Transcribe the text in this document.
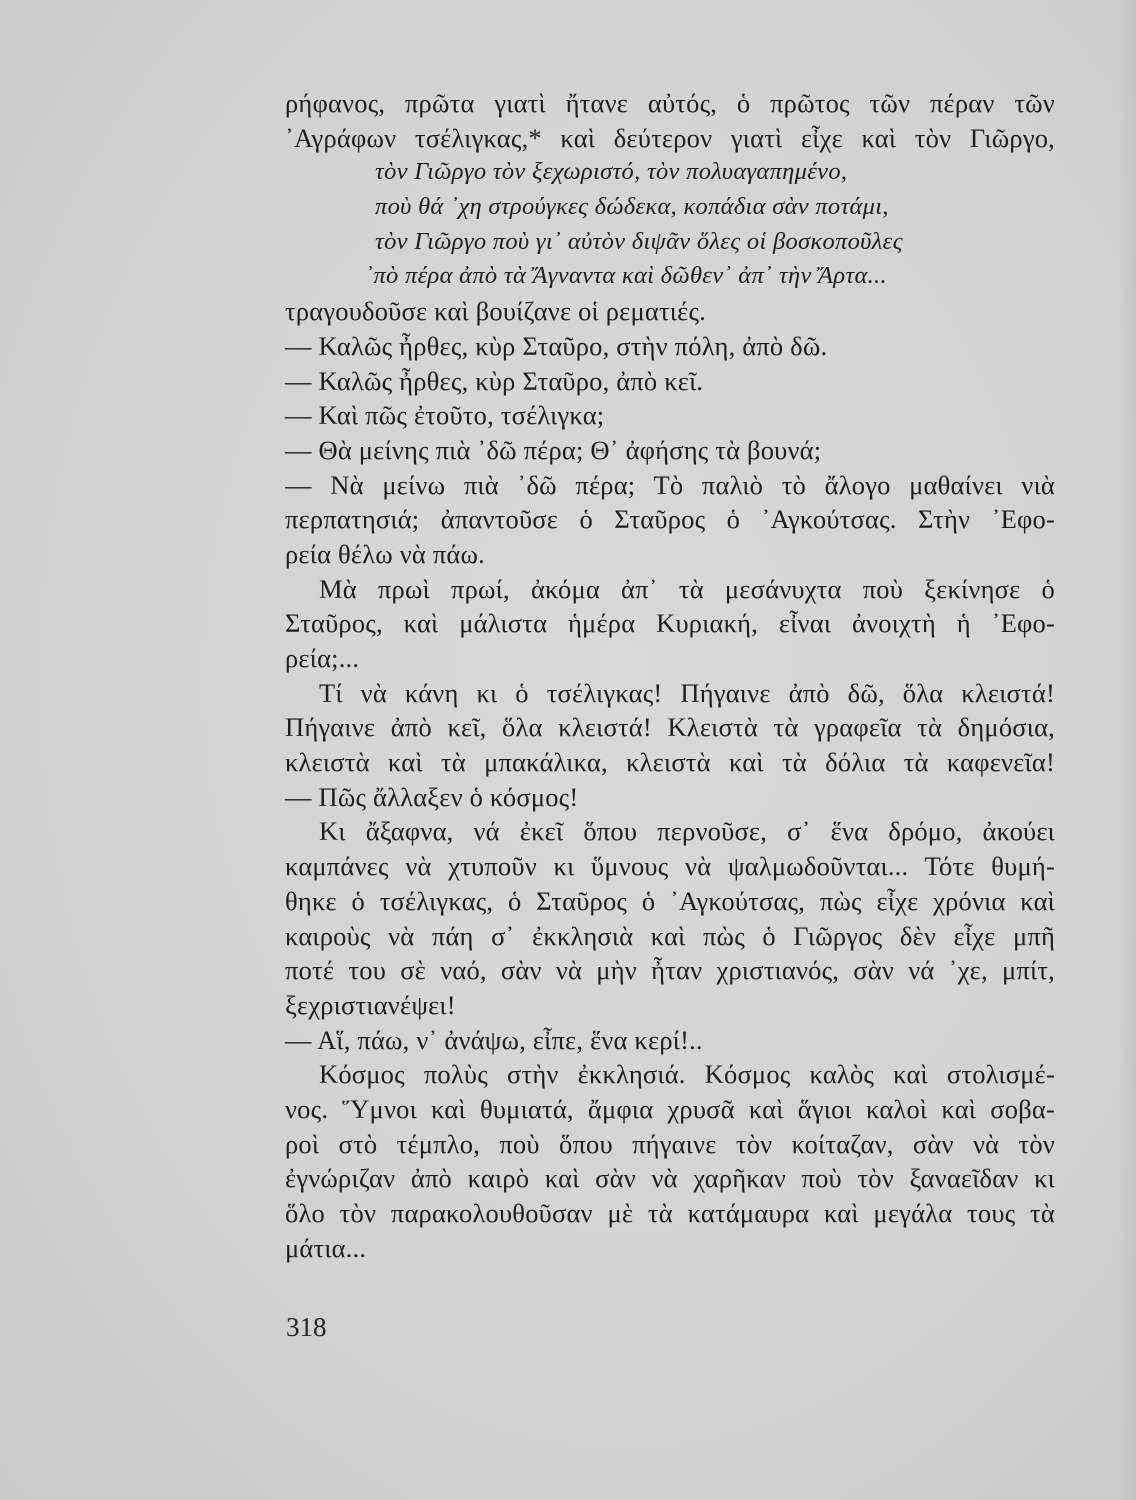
ρήφανος, πρῶτα γιατὶ ἤτανε αὐτός, ὁ πρῶτος τῶν πέραν τῶν
᾿Αγράφων τσέλιγκας,* καὶ δεύτερον γιατὶ εἶχε καὶ τὸν Γιῶργο,
τὸν Γιῶργο τὸν ξεχωριστό, τὸν πολυαγαπημένο,
ποὺ θά ᾿χη στρούγκες δώδεκα, κοπάδια σὰν ποτάμι,
τὸν Γιῶργο ποὺ γι᾿ αὐτὸν διψᾶν ὅλες οἱ βοσκοποῦλες
᾿πὸ πέρα ἀπὸ τὰ Ἄγναντα καὶ δῶθεν᾿ ἀπ᾿ τὴν Ἄρτα...
τραγουδοῦσε καὶ βουίζανε οἱ ρεματιές.
— Καλῶς ἦρθες, κὺρ Σταῦρο, στὴν πόλη, ἀπὸ δῶ.
— Καλῶς ἦρθες, κὺρ Σταῦρο, ἀπὸ κεῖ.
— Καὶ πῶς ἐτοῦτο, τσέλιγκα;
— Θὰ μείνης πιὰ ᾿δῶ πέρα; Θ᾿ ἀφήσης τὰ βουνά;
— Νὰ μείνω πιὰ ᾿δῶ πέρα; Τὸ παλιὸ τὸ ἄλογο μαθαίνει νιὰ
περπατησιά; ἀπαντοῦσε ὁ Σταῦρος ὁ ᾿Αγκούτσας. Στὴν ᾿Εφο-
ρεία θέλω νὰ πάω.
Μὰ πρωὶ πρωί, ἀκόμα ἀπ᾿ τὰ μεσάνυχτα ποὺ ξεκίνησε ὁ
Σταῦρος, καὶ μάλιστα ἡμέρα Κυριακή, εἶναι ἀνοιχτὴ ἡ ᾿Εφο-
ρεία;...
Τί νὰ κάνη κι ὁ τσέλιγκας! Πήγαινε ἀπὸ δῶ, ὅλα κλειστά!
Πήγαινε ἀπὸ κεῖ, ὅλα κλειστά! Κλειστὰ τὰ γραφεῖα τὰ δημόσια,
κλειστὰ καὶ τὰ μπακάλικα, κλειστὰ καὶ τὰ δόλια τὰ καφενεῖα!
— Πῶς ἄλλαξεν ὁ κόσμος!
Κι ἄξαφνα, νά ἐκεῖ ὅπου περνοῦσε, σ᾿ ἕνα δρόμο, ἀκούει
καμπάνες νὰ χτυποῦν κι ὕμνους νὰ ψαλμωδοῦνται... Τότε θυμή-
θηκε ὁ τσέλιγκας, ὁ Σταῦρος ὁ ᾿Αγκούτσας, πὼς εἶχε χρόνια καὶ
καιροὺς νὰ πάη σ᾿ ἐκκλησιὰ καὶ πὼς ὁ Γιῶργος δὲν εἶχε μπῆ
ποτέ του σὲ ναό, σὰν νὰ μὴν ἦταν χριστιανός, σὰν νά ᾿χε, μπίτ,
ξεχριστιανέψει!
— Αἵ, πάω, ν᾿ ἀνάψω, εἶπε, ἕνα κερί!..
Κόσμος πολὺς στὴν ἐκκλησιά. Κόσμος καλὸς καὶ στολισμέ-
νος. Ὕμνοι καὶ θυμιατά, ἄμφια χρυσᾶ καὶ ἅγιοι καλοὶ καὶ σοβα-
ροὶ στὸ τέμπλο, ποὺ ὅπου πήγαινε τὸν κοίταζαν, σὰν νὰ τὸν
ἐγνώριζαν ἀπὸ καιρὸ καὶ σὰν νὰ χαρῆκαν ποὺ τὸν ξαναεῖδαν κι
ὅλο τὸν παρακολουθοῦσαν μὲ τὰ κατάμαυρα καὶ μεγάλα τους τὰ
μάτια...
318
